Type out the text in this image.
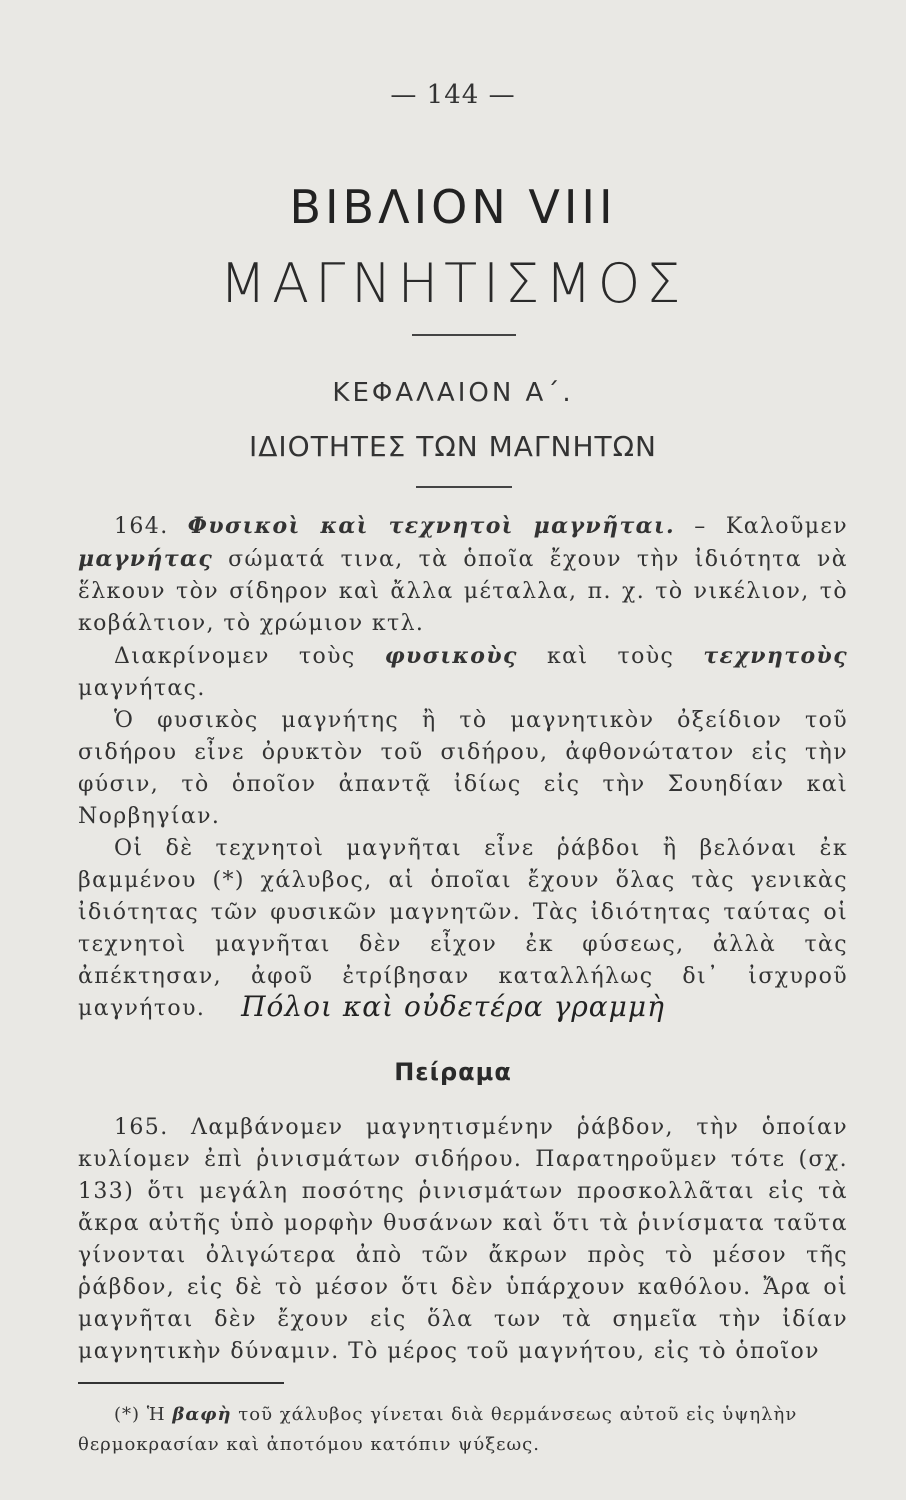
— 144 —
ΒΙΒΛΙΟΝ VIII
ΜΑΓΝΗΤΙΣΜΟΣ
ΚΕΦΑΛΑΙΟΝ Α΄.
ΙΔΙΟΤΗΤΕΣ ΤΩΝ ΜΑΓΝΗΤΩΝ

164. Φυσικοὶ καὶ τεχνητοὶ μαγνῆται. – Καλοῦμεν μαγνήτας σώματά τινα, τὰ ὁποῖα ἔχουν τὴν ἰδιότητα νὰ ἕλκουν τὸν σίδηρον καὶ ἄλλα μέταλλα, π. χ. τὸ νικέλιον, τὸ κοβάλτιον, τὸ χρώμιον κτλ.

Διακρίνομεν τοὺς φυσικοὺς καὶ τοὺς τεχνητοὺς μαγνήτας.

Ὁ φυσικὸς μαγνήτης ἢ τὸ μαγνητικὸν ὀξείδιον τοῦ σιδήρου εἶνε ὀρυκτὸν τοῦ σιδήρου, ἀφθονώτατον εἰς τὴν φύσιν, τὸ ὁποῖον ἀπαντᾷ ἰδίως εἰς τὴν Σουηδίαν καὶ Νορβηγίαν.

Οἱ δὲ τεχνητοὶ μαγνῆται εἶνε ῥάβδοι ἢ βελόναι ἐκ βαμμένου (*) χάλυβος, αἱ ὁποῖαι ἔχουν ὅλας τὰς γενικὰς ἰδιότητας τῶν φυσικῶν μαγνητῶν. Τὰς ἰδιότητας ταύτας οἱ τεχνητοὶ μαγνῆται δὲν εἶχον ἐκ φύσεως, ἀλλὰ τὰς ἀπέκτησαν, ἀφοῦ ἐτρίβησαν καταλλήλως δι᾽ ἰσχυροῦ μαγνήτου.	Πόλοι καὶ οὐδετέρα γραμμὴ
Πείραμα

165. Λαμβάνομεν μαγνητισμένην ῥάβδον, τὴν ὁποίαν κυλίομεν ἐπὶ ῥινισμάτων σιδήρου. Παρατηροῦμεν τότε (σχ. 133) ὅτι μεγάλη ποσότης ῥινισμάτων προσκολλᾶται εἰς τὰ ἄκρα αὐτῆς ὑπὸ μορφὴν θυσάνων καὶ ὅτι τὰ ῥινίσματα ταῦτα γίνονται ὀλιγώτερα ἀπὸ τῶν ἄκρων πρὸς τὸ μέσον τῆς ῥάβδον, εἰς δὲ τὸ μέσον ὅτι δὲν ὑπάρχουν καθόλου. Ἄρα οἱ μαγνῆται δὲν ἔχουν εἰς ὅλα των τὰ σημεῖα τὴν ἰδίαν μαγνητικὴν δύναμιν. Τὸ μέρος τοῦ μαγνήτου, εἰς τὸ ὁποῖον

(*) Ἡ βαφὴ τοῦ χάλυβος γίνεται διὰ θερμάνσεως αὐτοῦ εἰς ὑψηλὴν θερμοκρασίαν καὶ ἀποτόμου κατόπιν ψύξεως.
